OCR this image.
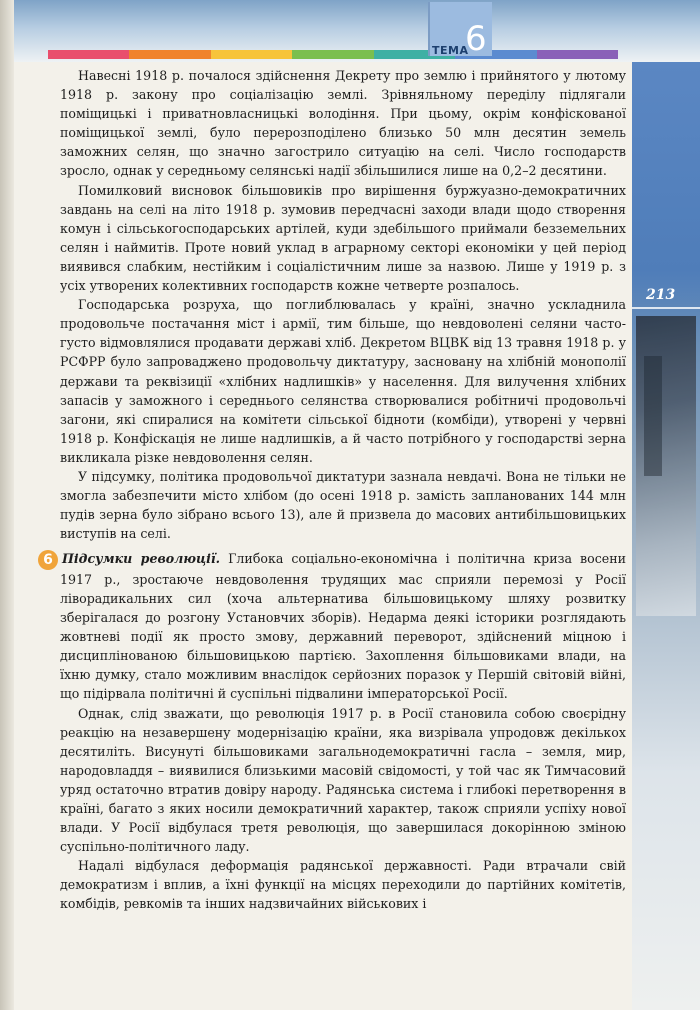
ТЕМА
6
213

Навесні 1918 р. почалося здійснення Декрету про землю і прийнятого у лютому 1918 р. закону про соціалізацію землі. Зрівняльному переділу підлягали поміщицькі і приватновласницькі володіння. При цьому, окрім конфіскованої поміщицької землі, було перерозподілено близько 50 млн десятин земель заможних селян, що значно загострило ситуацію на селі. Число господарств зросло, однак у середньому селянські надії збільшилися лише на 0,2–2 десятини.

Помилковий висновок більшовиків про вирішення буржуазно-демократичних завдань на селі на літо 1918 р. зумовив передчасні заходи влади щодо створення комун і сільськогосподарських артілей, куди здебільшого приймали безземельних селян і наймитів. Проте новий уклад в аграрному секторі економіки у цей період виявився слабким, нестійким і соціалістичним лише за назвою. Лише у 1919 р. з усіх утворених колективних господарств кожне четверте розпалось.

Господарська розруха, що поглиблювалась у країні, значно ускладнила продовольче постачання міст і армії, тим більше, що невдоволені селяни часто-густо відмовлялися продавати державі хліб. Декретом ВЦВК від 13 травня 1918 р. у РСФРР було запроваджено продовольчу диктатуру, засновану на хлібній монополії держави та реквізиції «хлібних надлишків» у населення. Для вилучення хлібних запасів у заможного і середнього селянства створювалися робітничі продовольчі загони, які спиралися на комітети сільської бідноти (комбіди), утворені у червні 1918 р. Конфіскація не лише надлишків, а й часто потрібного у господарстві зерна викликала різке невдоволення селян.

У підсумку, політика продовольчої диктатури зазнала невдачі. Вона не тільки не змогла забезпечити місто хлібом (до осені 1918 р. замість запланованих 144 млн пудів зерна було зібрано всього 13), але й призвела до масових антибільшовицьких виступів на селі.

6 Підсумки революції. Глибока соціально-економічна і політична криза восени 1917 р., зростаюче невдоволення трудящих мас сприяли перемозі у Росії ліворадикальних сил (хоча альтернатива більшовицькому шляху розвитку зберігалася до розгону Установчих зборів). Недарма деякі історики розглядають жовтневі події як просто змову, державний переворот, здійснений міцною і дисциплінованою більшовицькою партією. Захоплення більшовиками влади, на їхню думку, стало можливим внаслідок серйозних поразок у Першій світовій війні, що підірвала політичні й суспільні підвалини імператорської Росії.

Однак, слід зважати, що революція 1917 р. в Росії становила собою своєрідну реакцію на незавершену модернізацію країни, яка визрівала упродовж декількох десятиліть. Висунуті більшовиками загальнодемократичні гасла – земля, мир, народовладдя – виявилися близькими масовій свідомості, у той час як Тимчасовий уряд остаточно втратив довіру народу. Радянська система і глибокі перетворення в країні, багато з яких носили демократичний характер, також сприяли успіху нової влади. У Росії відбулася третя революція, що завершилася докорінною зміною суспільно-політичного ладу.

Надалі відбулася деформація радянської державності. Ради втрачали свій демократизм і вплив, а їхні функції на місцях переходили до партійних комітетів, комбідів, ревкомів та інших надзвичайних військових і
